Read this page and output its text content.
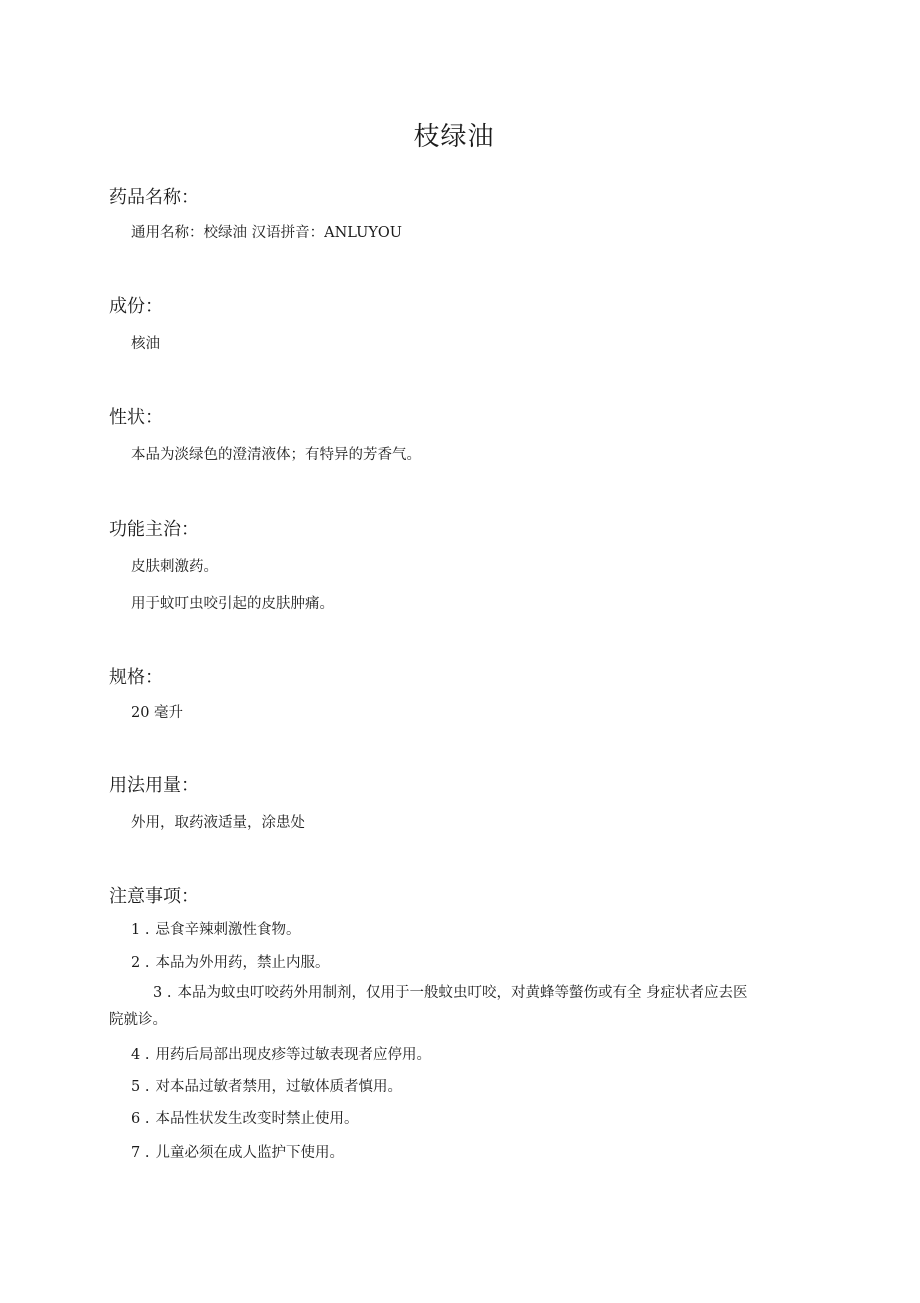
枝绿油
药品名称：
通用名称：校绿油 汉语拼音：ANLUYOU
成份：
核油
性状：
本品为淡绿色的澄清液体；有特异的芳香气。
功能主治：
皮肤刺激药。
用于蚊叮虫咬引起的皮肤肿痛。
规格：
20 毫升
用法用量：
外用，取药液适量，涂患处
注意事项：
1 . 忌食辛辣刺激性食物。
2 . 本品为外用药，禁止内服。
3 . 本品为蚊虫叮咬药外用制剂，仅用于一般蚊虫叮咬，对黄蜂等螫伤或有全 身症状者应去医院就诊。
4 . 用药后局部出现皮疹等过敏表现者应停用。
5 . 对本品过敏者禁用，过敏体质者慎用。
6 . 本品性状发生改变时禁止使用。
7 . 儿童必须在成人监护下使用。
